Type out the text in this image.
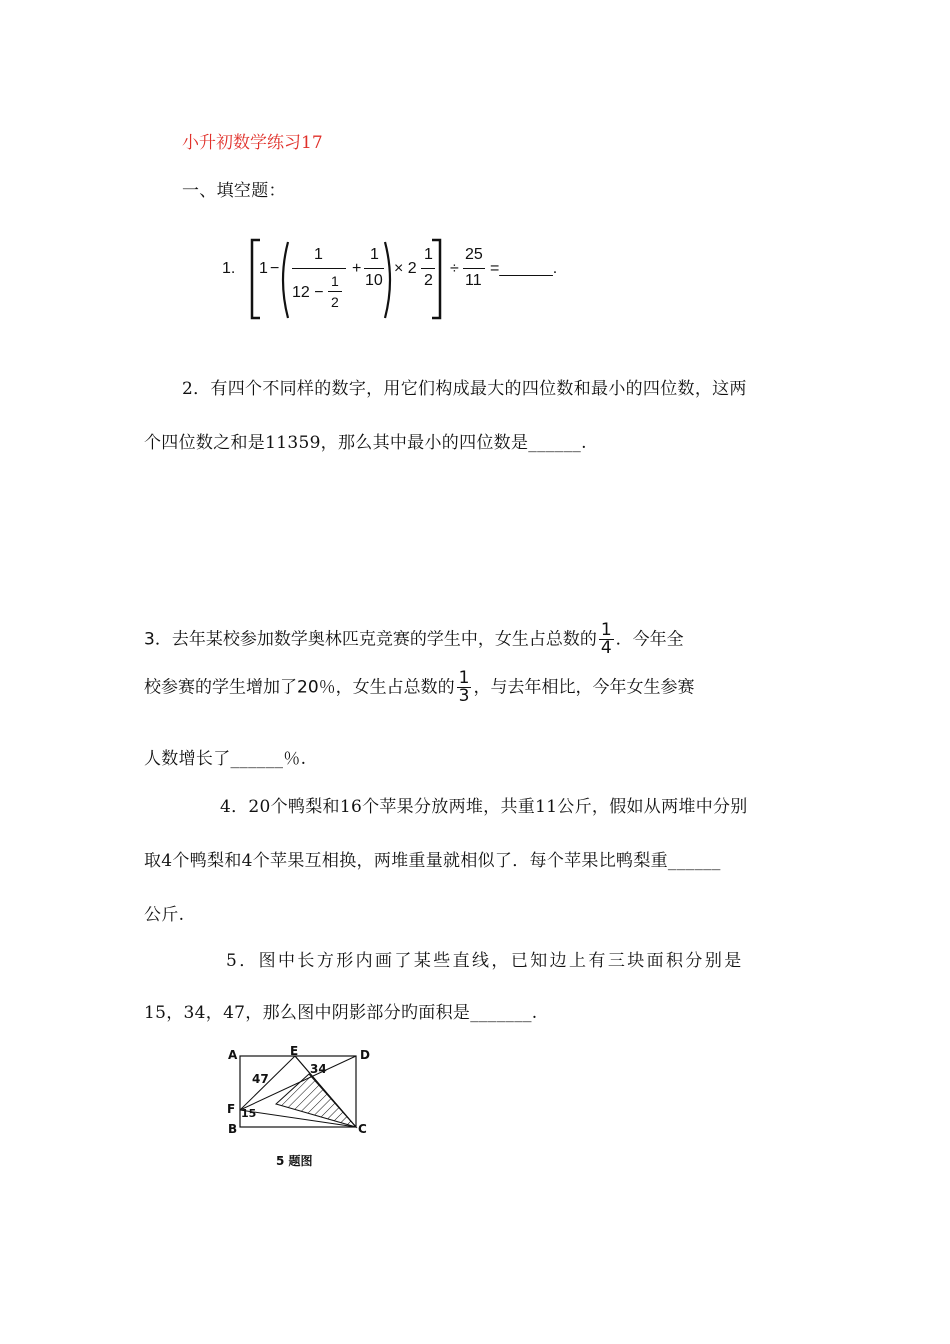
小升初数学练习17
一、填空题：
1. 1 −
1
12 −
1
2
+
1
10
× 2
1
2
÷
25
11
=______.
2．有四个不同样的数字，用它们构成最大的四位数和最小的四位数，这两
个四位数之和是11359，那么其中最小的四位数是______.
3．去年某校参加数学奥林匹克竞赛的学生中，女生占总数的 $\frac{1}{4}$ ．今年全
校参赛的学生增加了20％，女生占总数的 $\frac{1}{3}$ ，与去年相比，今年女生参赛
人数增长了______％.
4．20个鸭梨和16个苹果分放两堆，共重11公斤，假如从两堆中分别
取4个鸭梨和4个苹果互相换，两堆重量就相似了．每个苹果比鸭梨重______
公斤.
5．图中长方形内画了某些直线，已知边上有三块面积分别是
15，34，47，那么图中阴影部分旳面积是_______.
A	E	D
F
B	C
47
34
15
5 题图
